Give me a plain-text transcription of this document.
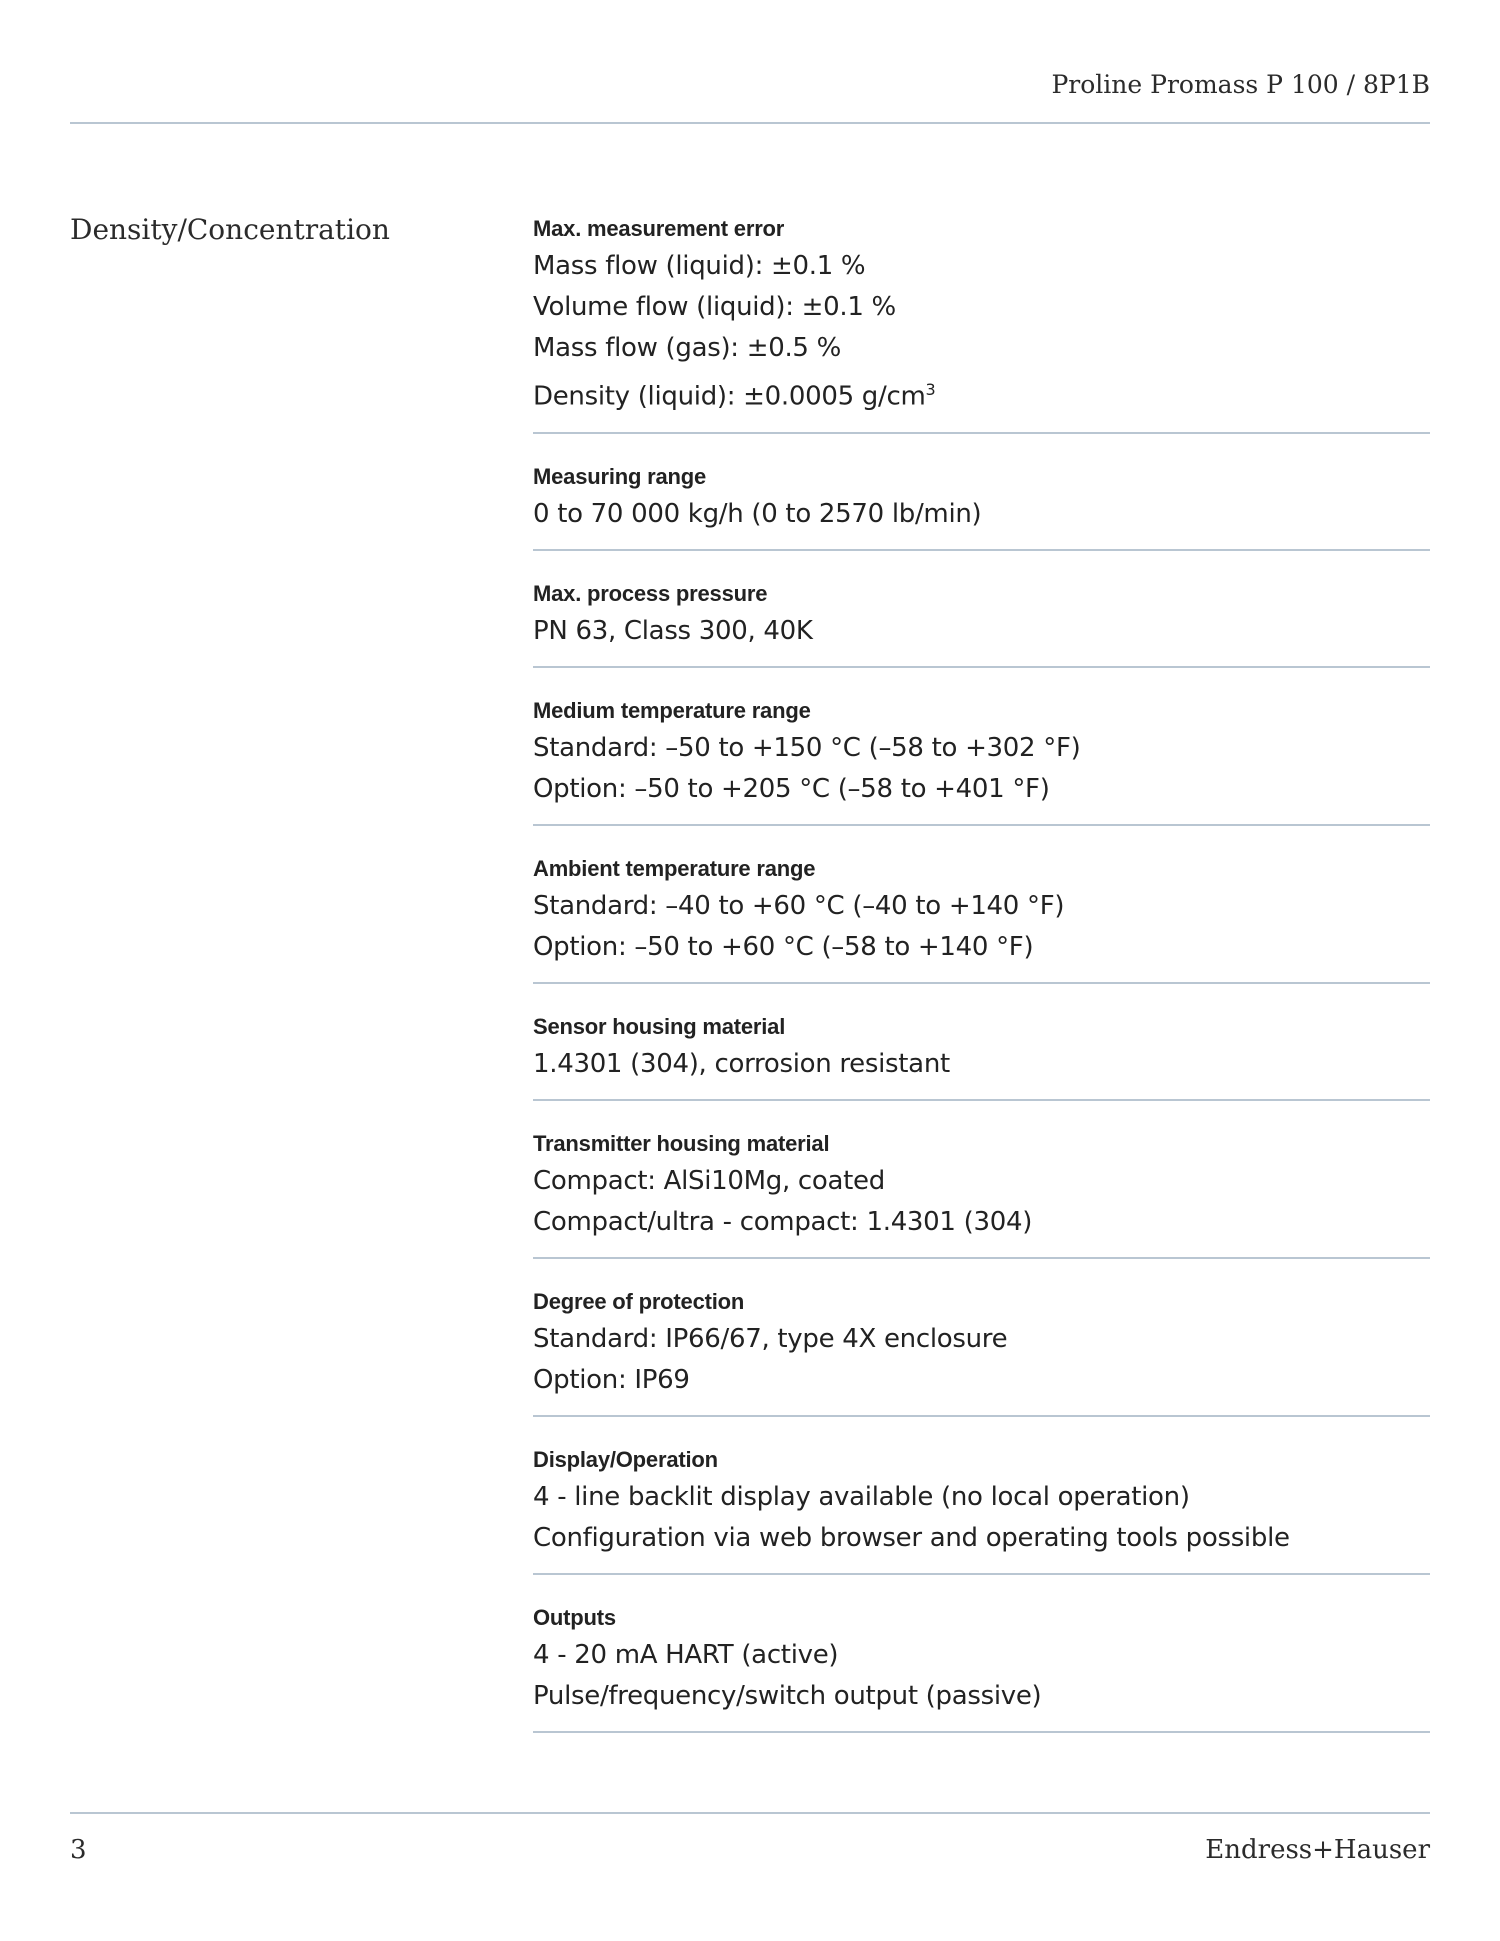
Proline Promass P 100 / 8P1B
Density/Concentration	Max. measurement error
Mass flow (liquid): ±0.1 %
Volume flow (liquid): ±0.1 %
Mass flow (gas): ±0.5 %
Density (liquid): ±0.0005 $g/cm^3$
Measuring range
0 to 70 000 kg/h (0 to 2570 lb/min)
Max. process pressure
PN 63, Class 300, 40K
Medium temperature range
Standard: –50 to +150 °C (–58 to +302 °F)
Option: –50 to +205 °C (–58 to +401 °F)
Ambient temperature range
Standard: –40 to +60 °C (–40 to +140 °F)
Option: –50 to +60 °C (–58 to +140 °F)
Sensor housing material
1.4301 (304), corrosion resistant
Transmitter housing material
Compact: AlSi10Mg, coated
Compact/ultra - compact: 1.4301 (304)
Degree of protection
Standard: IP66/67, type 4X enclosure
Option: IP69
Display/Operation
4 - line backlit display available (no local operation)
Configuration via web browser and operating tools possible
Outputs
4 - 20 mA HART (active)
Pulse/frequency/switch output (passive)
3	Endress+Hauser
